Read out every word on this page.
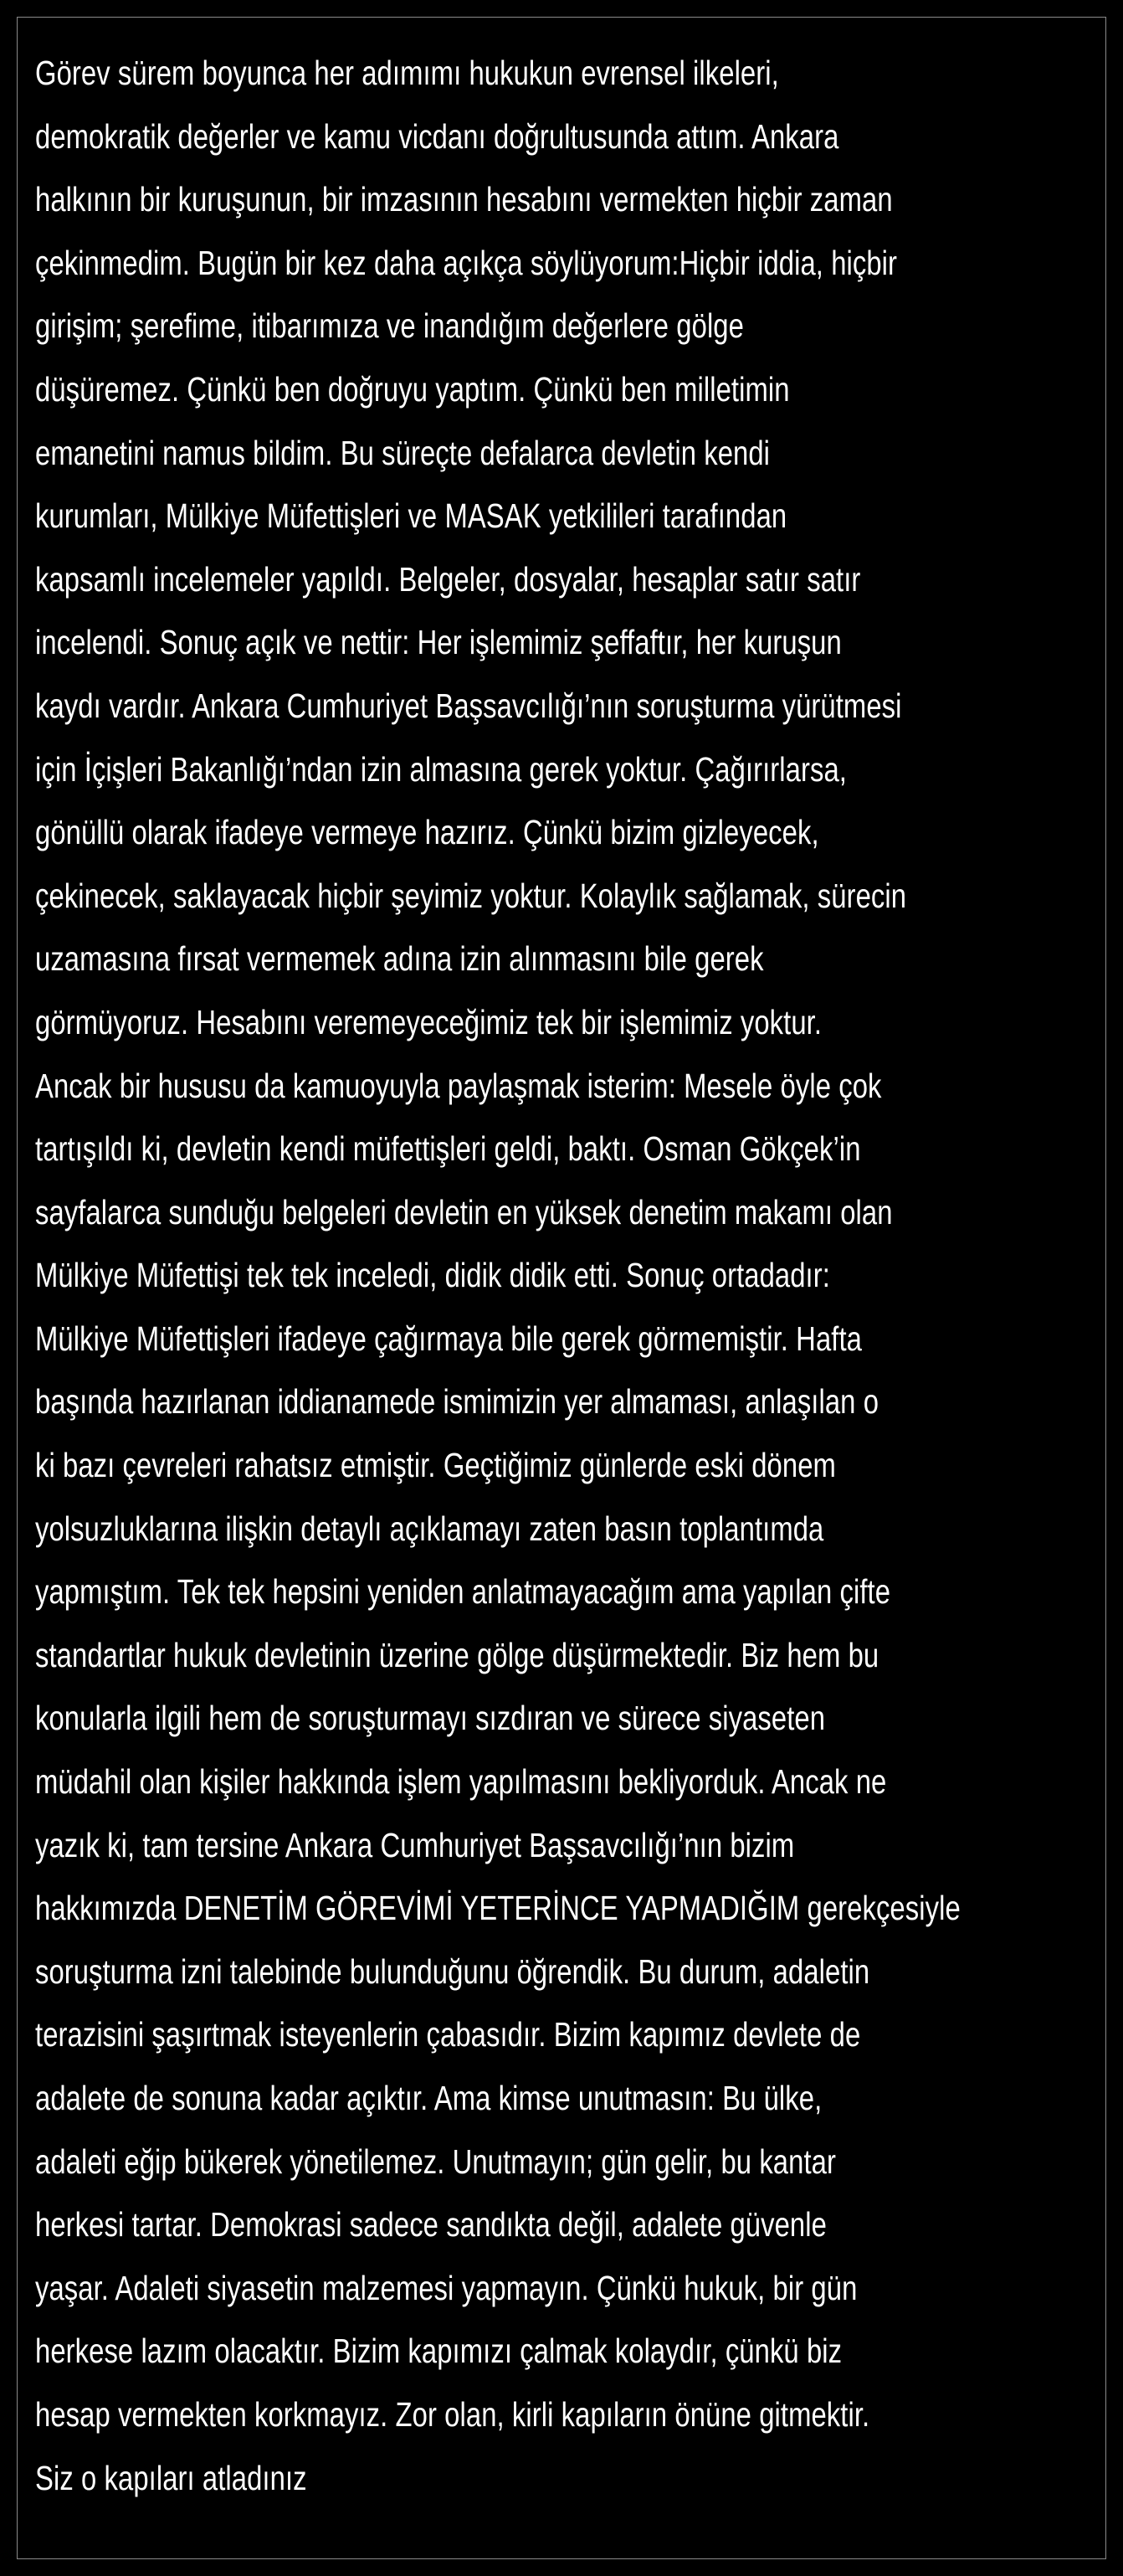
Görev sürem boyunca her adımımı hukukun evrensel ilkeleri,
demokratik değerler ve kamu vicdanı doğrultusunda attım. Ankara
halkının bir kuruşunun, bir imzasının hesabını vermekten hiçbir zaman
çekinmedim. Bugün bir kez daha açıkça söylüyorum:Hiçbir iddia, hiçbir
girişim; şerefime, itibarımıza ve inandığım değerlere gölge
düşüremez. Çünkü ben doğruyu yaptım. Çünkü ben milletimin
emanetini namus bildim. Bu süreçte defalarca devletin kendi
kurumları, Mülkiye Müfettişleri ve MASAK yetkilileri tarafından
kapsamlı incelemeler yapıldı. Belgeler, dosyalar, hesaplar satır satır
incelendi. Sonuç açık ve nettir: Her işlemimiz şeffaftır, her kuruşun
kaydı vardır. Ankara Cumhuriyet Başsavcılığı’nın soruşturma yürütmesi
için İçişleri Bakanlığı’ndan izin almasına gerek yoktur. Çağırırlarsa,
gönüllü olarak ifadeye vermeye hazırız. Çünkü bizim gizleyecek,
çekinecek, saklayacak hiçbir şeyimiz yoktur. Kolaylık sağlamak, sürecin
uzamasına fırsat vermemek adına izin alınmasını bile gerek
görmüyoruz. Hesabını veremeyeceğimiz tek bir işlemimiz yoktur.
Ancak bir hususu da kamuoyuyla paylaşmak isterim: Mesele öyle çok
tartışıldı ki, devletin kendi müfettişleri geldi, baktı. Osman Gökçek’in
sayfalarca sunduğu belgeleri devletin en yüksek denetim makamı olan
Mülkiye Müfettişi tek tek inceledi, didik didik etti. Sonuç ortadadır:
Mülkiye Müfettişleri ifadeye çağırmaya bile gerek görmemiştir. Hafta
başında hazırlanan iddianamede ismimizin yer almaması, anlaşılan o
ki bazı çevreleri rahatsız etmiştir. Geçtiğimiz günlerde eski dönem
yolsuzluklarına ilişkin detaylı açıklamayı zaten basın toplantımda
yapmıştım. Tek tek hepsini yeniden anlatmayacağım ama yapılan çifte
standartlar hukuk devletinin üzerine gölge düşürmektedir. Biz hem bu
konularla ilgili hem de soruşturmayı sızdıran ve sürece siyaseten
müdahil olan kişiler hakkında işlem yapılmasını bekliyorduk. Ancak ne
yazık ki, tam tersine Ankara Cumhuriyet Başsavcılığı’nın bizim
hakkımızda DENETİM GÖREVİMİ YETERİNCE YAPMADIĞIM gerekçesiyle
soruşturma izni talebinde bulunduğunu öğrendik. Bu durum, adaletin
terazisini şaşırtmak isteyenlerin çabasıdır. Bizim kapımız devlete de
adalete de sonuna kadar açıktır. Ama kimse unutmasın: Bu ülke,
adaleti eğip bükerek yönetilemez. Unutmayın; gün gelir, bu kantar
herkesi tartar. Demokrasi sadece sandıkta değil, adalete güvenle
yaşar. Adaleti siyasetin malzemesi yapmayın. Çünkü hukuk, bir gün
herkese lazım olacaktır. Bizim kapımızı çalmak kolaydır, çünkü biz
hesap vermekten korkmayız. Zor olan, kirli kapıların önüne gitmektir.
Siz o kapıları atladınız
